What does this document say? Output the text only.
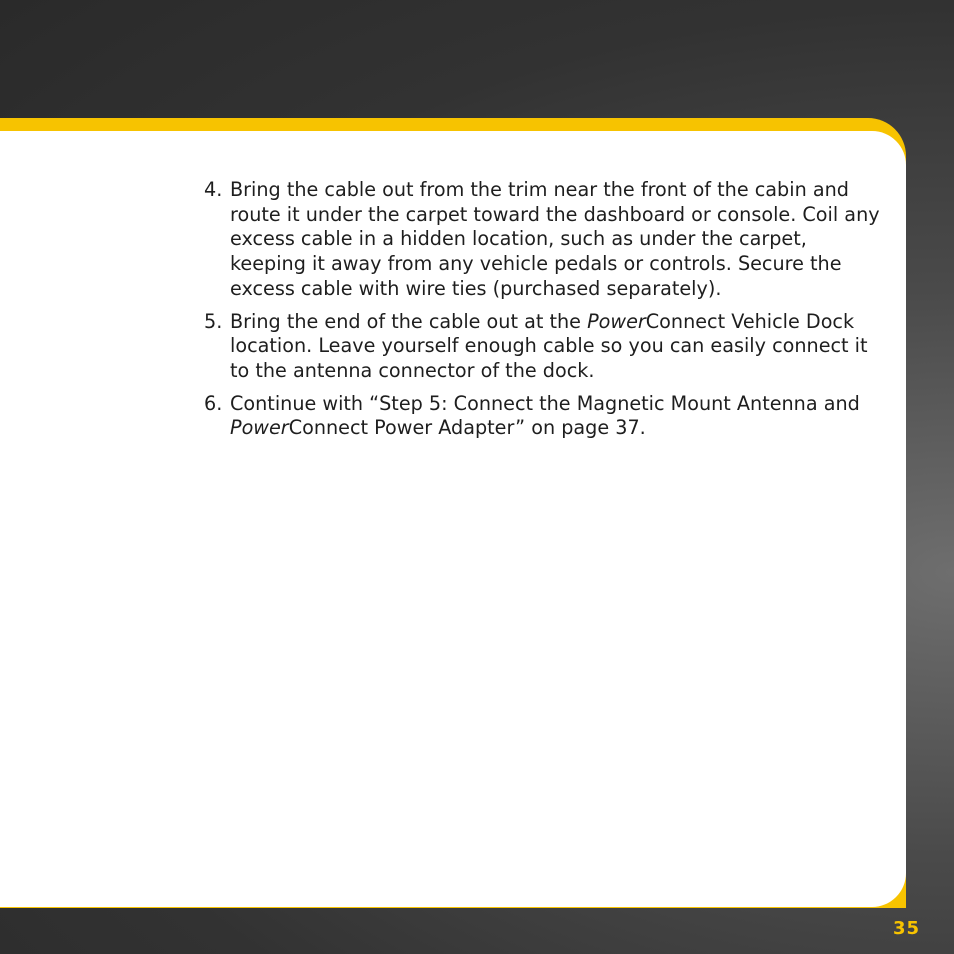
4. Bring the cable out from the trim near the front of the cabin and route it under the carpet toward the dashboard or console. Coil any excess cable in a hidden location, such as under the carpet, keeping it away from any vehicle pedals or controls. Secure the excess cable with wire ties (purchased separately).
5. Bring the end of the cable out at the PowerConnect Vehicle Dock location. Leave yourself enough cable so you can easily connect it to the antenna connector of the dock.
6. Continue with “Step 5: Connect the Magnetic Mount Antenna and PowerConnect Power Adapter” on page 37.
35
